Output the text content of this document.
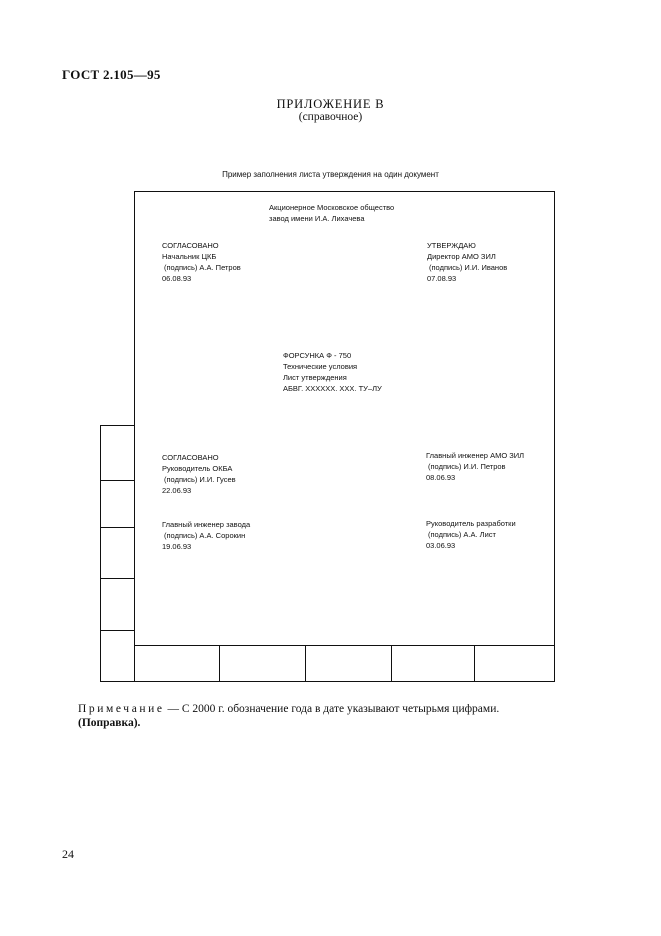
ГОСТ 2.105—95
ПРИЛОЖЕНИЕ В
(справочное)
Пример заполнения листа утверждения на один документ
Акционерное Московское общество
завод имени И.А. Лихачева
СОГЛАСОВАНО
Начальник ЦКБ
(подпись) А.А. Петров
06.08.93
УТВЕРЖДАЮ
Директор АМО ЗИЛ
(подпись) И.И. Иванов
07.08.93
ФОРСУНКА Ф - 750
Технические условия
Лист утверждения
АБВГ. XXXXXX. XXX. ТУ–ЛУ
СОГЛАСОВАНО
Руководитель ОКБА
(подпись) И.И. Гусев
22.06.93
Главный инженер АМО ЗИЛ
(подпись) И.И. Петров
08.06.93
Главный инженер завода
(подпись) А.А. Сорокин
19.06.93
Руководитель разработки
(подпись) А.А. Лист
03.06.93
Примечание — С 2000 г. обозначение года в дате указывают четырьмя цифрами.
(Поправка).
24
